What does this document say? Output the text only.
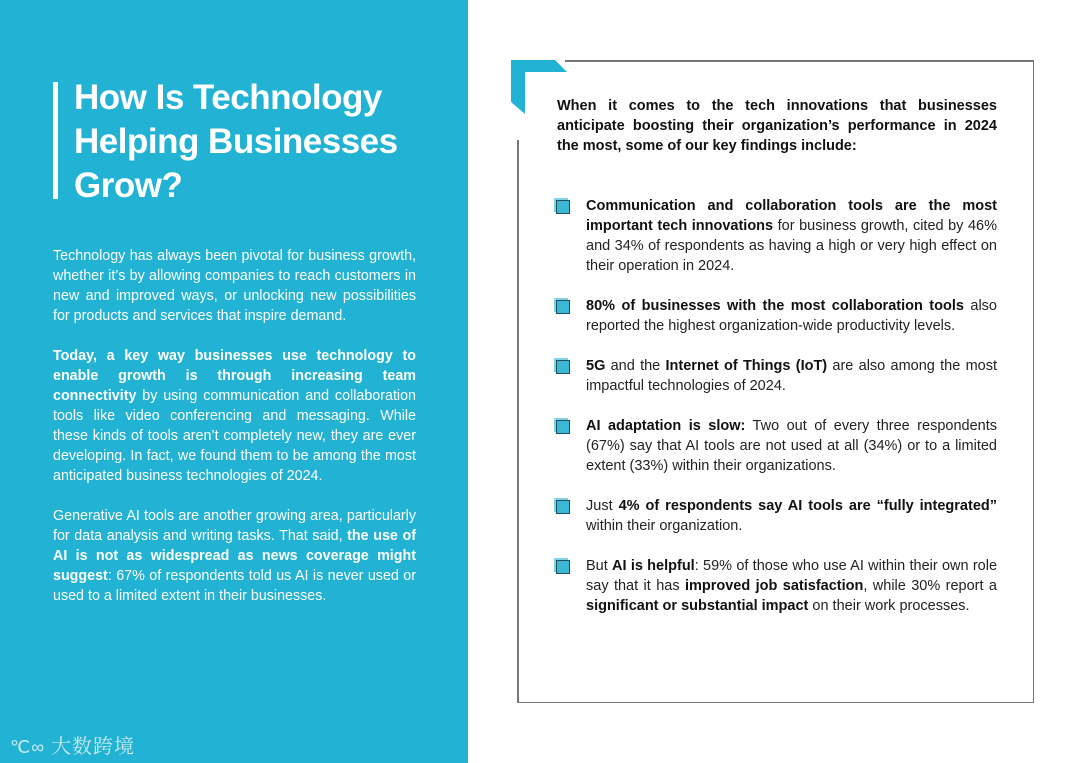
How Is Technology Helping Businesses Grow?

Technology has always been pivotal for business growth, whether it’s by allowing companies to reach customers in new and improved ways, or unlocking new possibilities for products and services that inspire demand.

Today, a key way businesses use technology to enable growth is through increasing team connectivity by using communication and collaboration tools like video conferencing and messaging. While these kinds of tools aren’t completely new, they are ever developing. In fact, we found them to be among the most anticipated business technologies of 2024.

Generative AI tools are another growing area, particularly for data analysis and writing tasks. That said, the use of AI is not as widespread as news coverage might suggest: 67% of respondents told us AI is never used or used to a limited extent in their businesses.

℃∞ 大数跨境
When it comes to the tech innovations that businesses anticipate boosting their organization’s performance in 2024 the most, some of our key findings include:
Communication and collaboration tools are the most important tech innovations for business growth, cited by 46% and 34% of respondents as having a high or very high effect on their operation in 2024.
80% of businesses with the most collaboration tools also reported the highest organization-wide productivity levels.
5G and the Internet of Things (IoT) are also among the most impactful technologies of 2024.
AI adaptation is slow: Two out of every three respondents (67%) say that AI tools are not used at all (34%) or to a limited extent (33%) within their organizations.
Just 4% of respondents say AI tools are “fully integrated” within their organization.
But AI is helpful: 59% of those who use AI within their own role say that it has improved job satisfaction, while 30% report a significant or substantial impact on their work processes.
